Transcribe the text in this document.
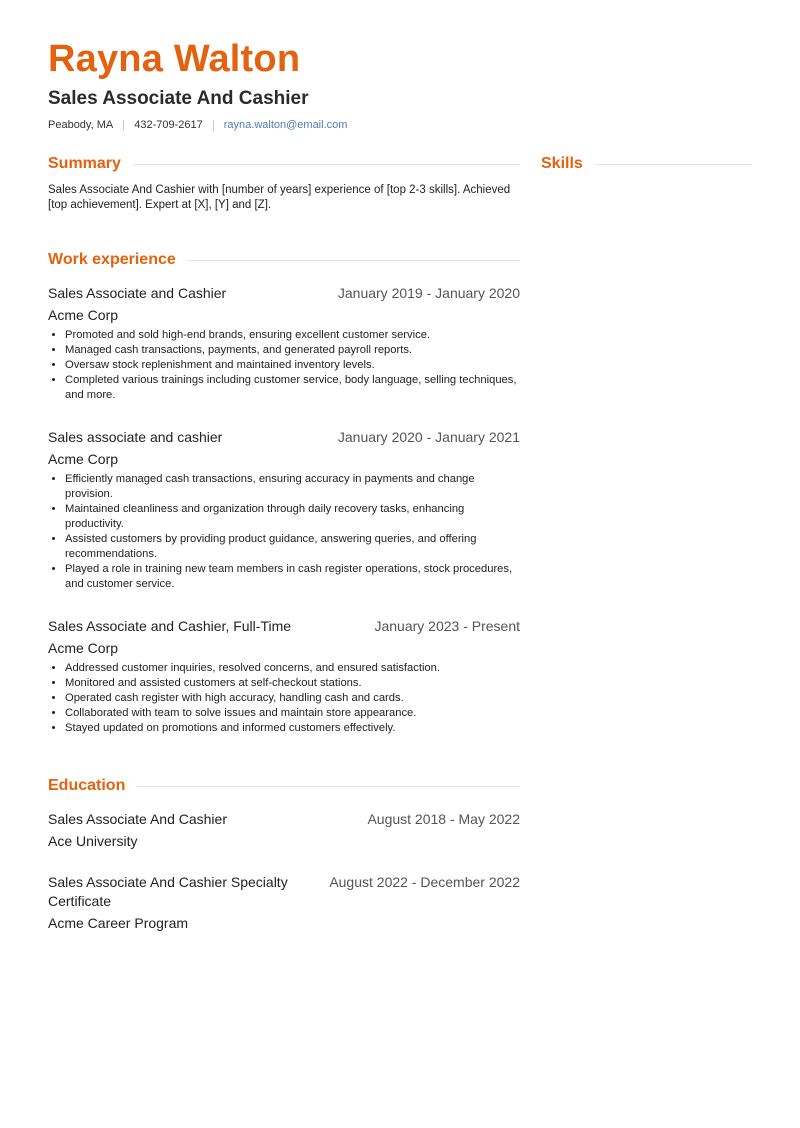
Rayna Walton
Sales Associate And Cashier
Peabody, MA 432-709-2617 rayna.walton@email.com
Summary
Sales Associate And Cashier with [number of years] experience of [top 2-3 skills]. Achieved [top achievement]. Expert at [X], [Y] and [Z].
Work experience
Sales Associate and Cashier	January 2019 - January 2020
Acme Corp
• Promoted and sold high-end brands, ensuring excellent customer service.
• Managed cash transactions, payments, and generated payroll reports.
• Oversaw stock replenishment and maintained inventory levels.
• Completed various trainings including customer service, body language, selling techniques, and more.
Sales associate and cashier	January 2020 - January 2021
Acme Corp
• Efficiently managed cash transactions, ensuring accuracy in payments and change provision.
• Maintained cleanliness and organization through daily recovery tasks, enhancing productivity.
• Assisted customers by providing product guidance, answering queries, and offering recommendations.
• Played a role in training new team members in cash register operations, stock procedures, and customer service.
Sales Associate and Cashier, Full-Time	January 2023 - Present
Acme Corp
• Addressed customer inquiries, resolved concerns, and ensured satisfaction.
• Monitored and assisted customers at self-checkout stations.
• Operated cash register with high accuracy, handling cash and cards.
• Collaborated with team to solve issues and maintain store appearance.
• Stayed updated on promotions and informed customers effectively.
Education
Sales Associate And Cashier	August 2018 - May 2022
Ace University
Sales Associate And Cashier Specialty Certificate
August 2022 - December 2022
Acme Career Program
Skills
